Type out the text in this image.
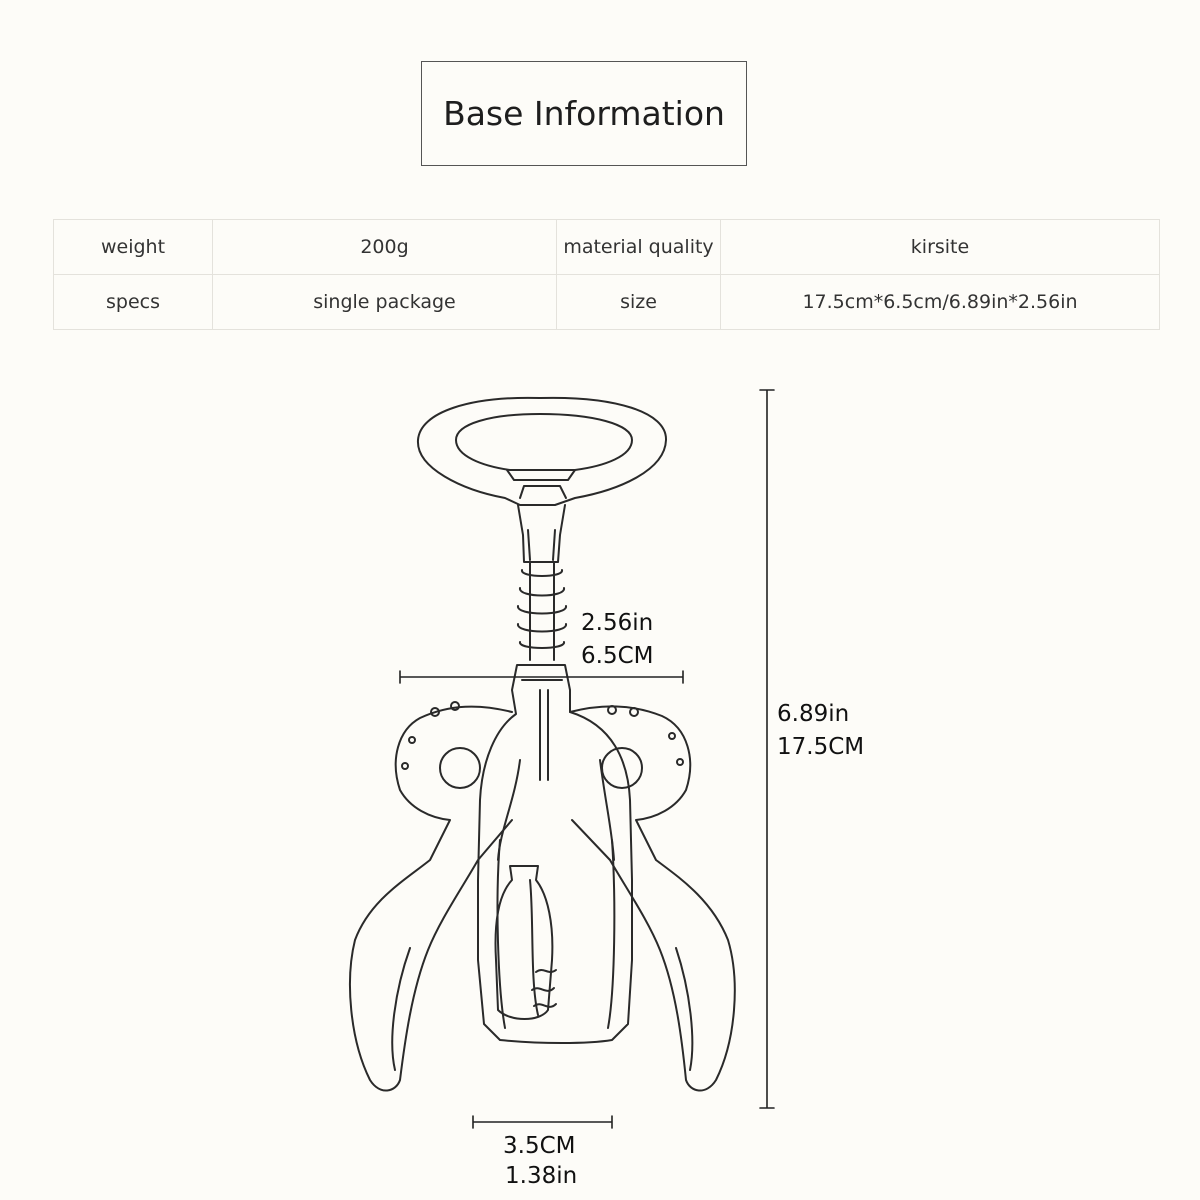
Base Information
weight	200g	material quality	kirsite
specs	single package	size	17.5cm*6.5cm/6.89in*2.56in
2.56in
6.5CM
6.89in
17.5CM
3.5CM
1.38in
